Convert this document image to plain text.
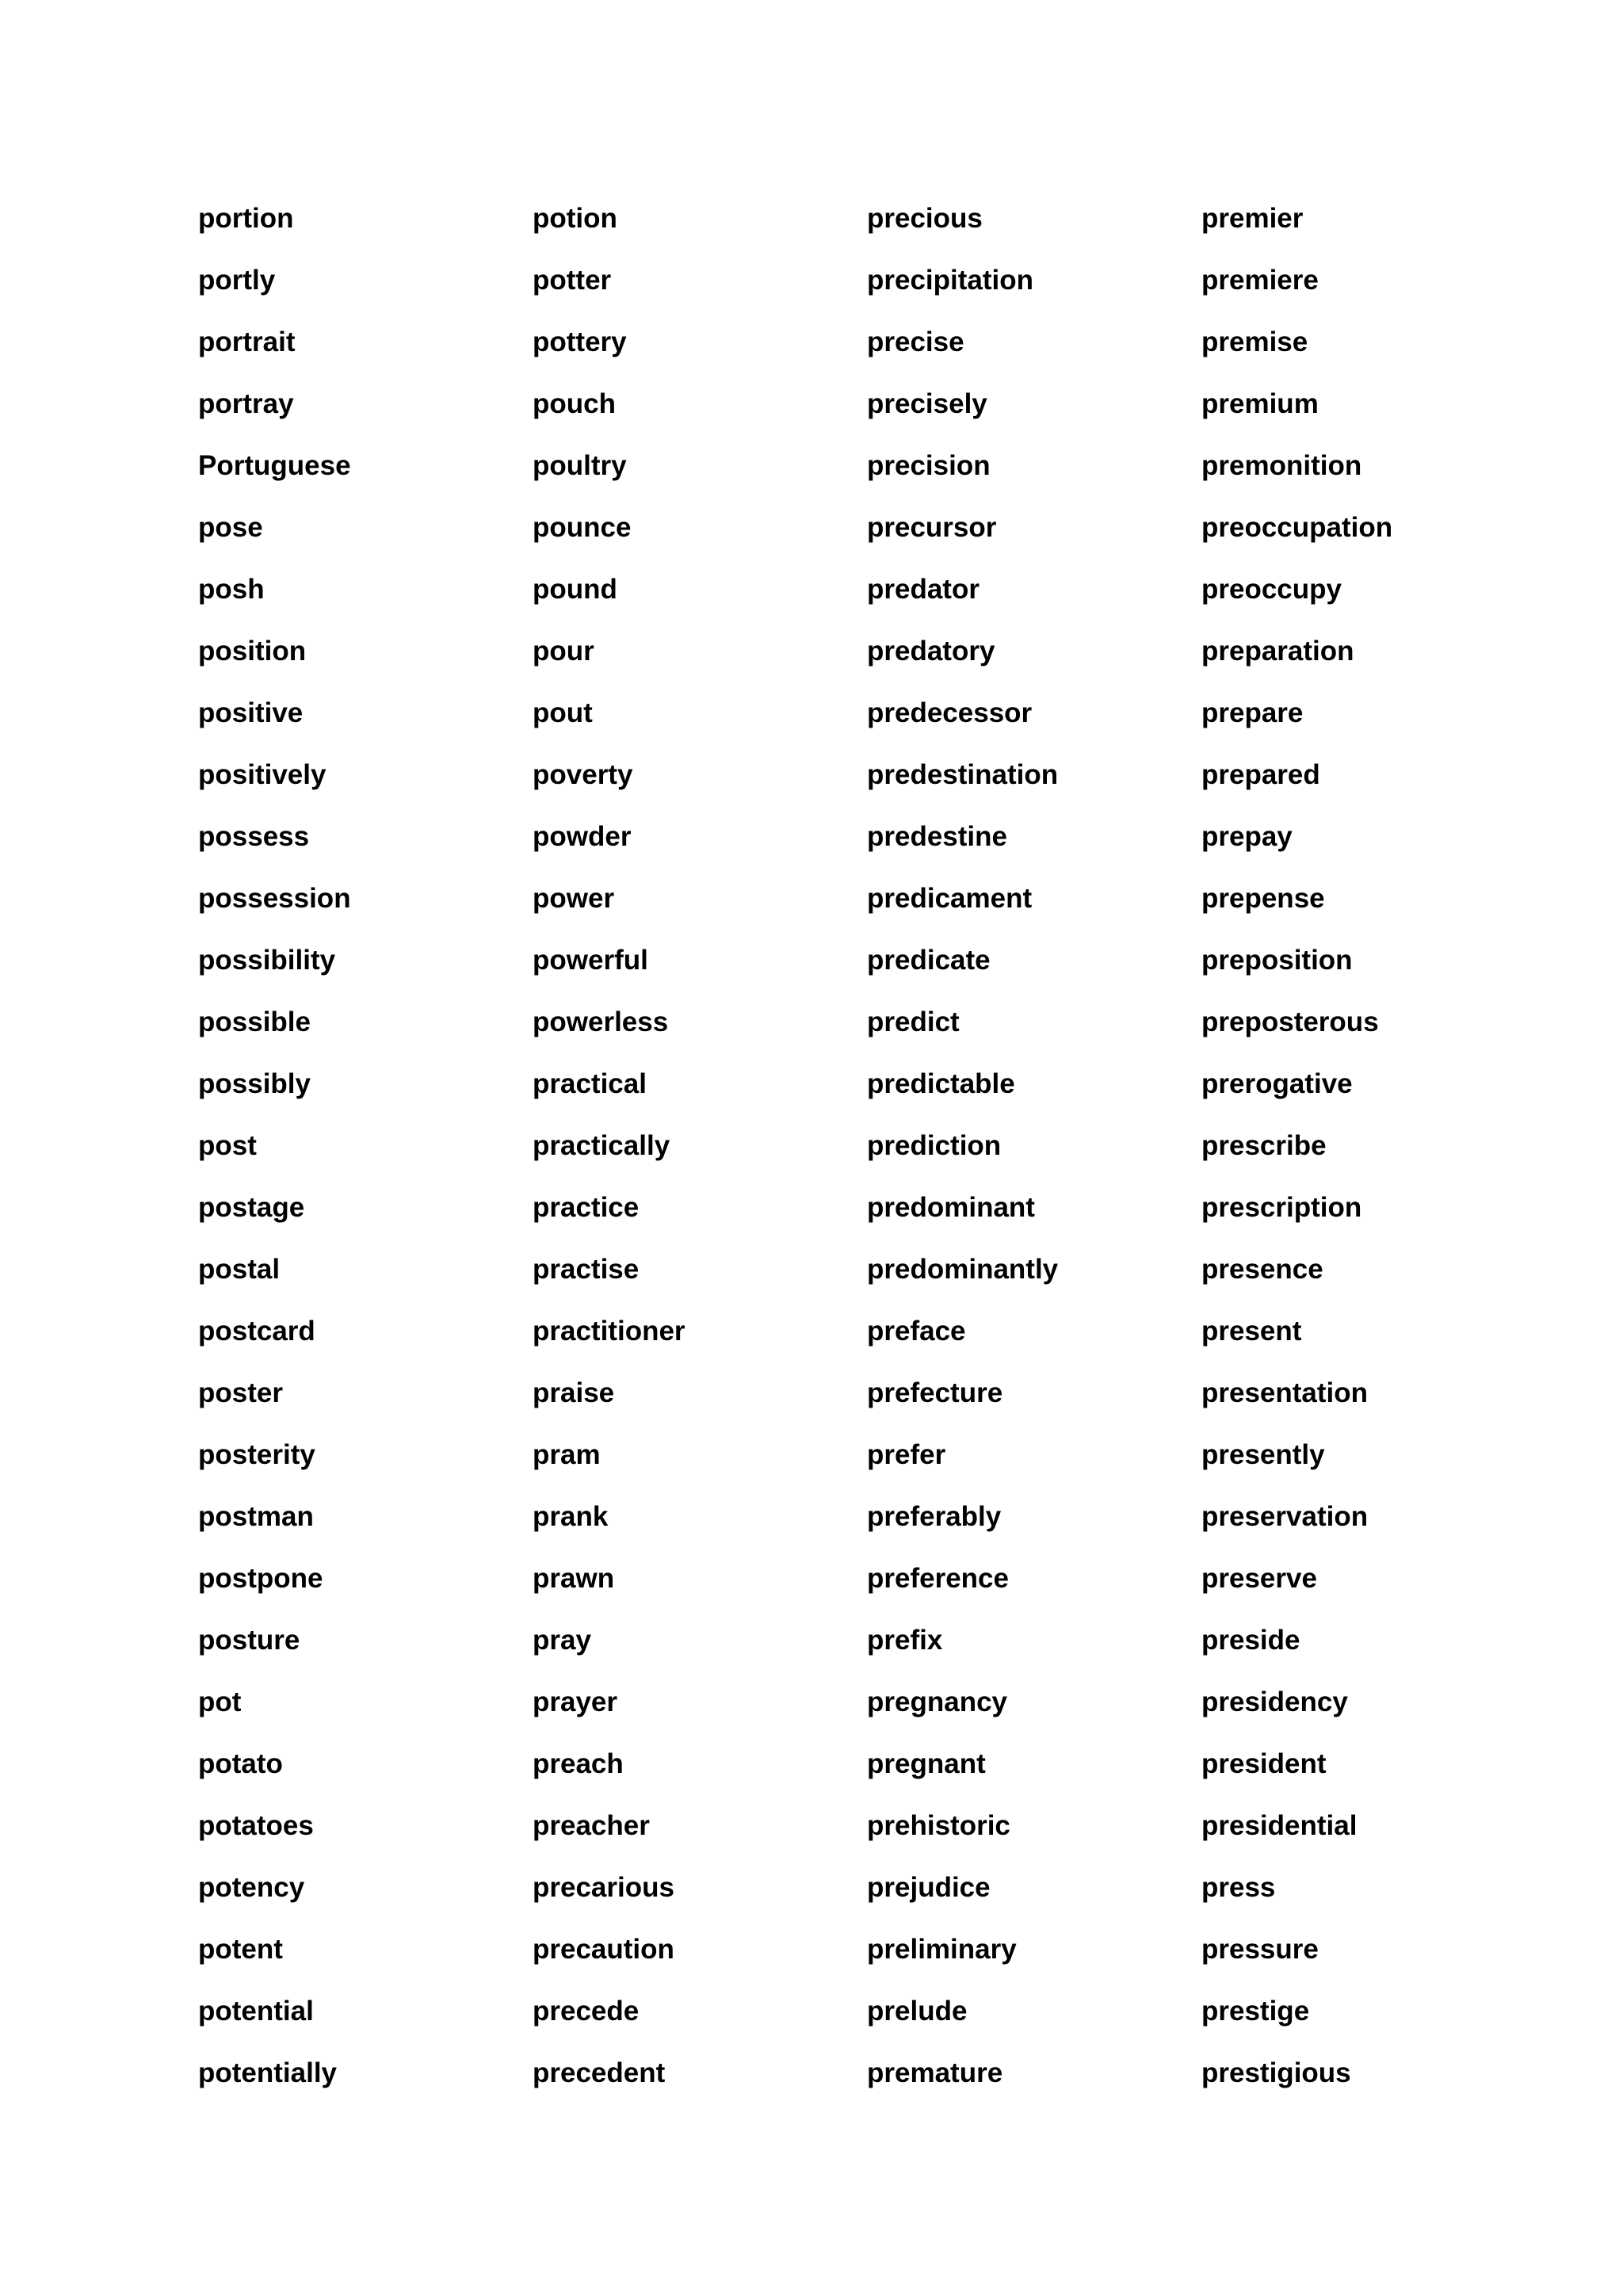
portion	potion	precious	premier
portly	potter	precipitation	premiere
portrait	pottery	precise	premise
portray	pouch	precisely	premium
Portuguese	poultry	precision	premonition
pose	pounce	precursor	preoccupation
posh	pound	predator	preoccupy
position	pour	predatory	preparation
positive	pout	predecessor	prepare
positively	poverty	predestination	prepared
possess	powder	predestine	prepay
possession	power	predicament	prepense
possibility	powerful	predicate	preposition
possible	powerless	predict	preposterous
possibly	practical	predictable	prerogative
post	practically	prediction	prescribe
postage	practice	predominant	prescription
postal	practise	predominantly	presence
postcard	practitioner	preface	present
poster	praise	prefecture	presentation
posterity	pram	prefer	presently
postman	prank	preferably	preservation
postpone	prawn	preference	preserve
posture	pray	prefix	preside
pot	prayer	pregnancy	presidency
potato	preach	pregnant	president
potatoes	preacher	prehistoric	presidential
potency	precarious	prejudice	press
potent	precaution	preliminary	pressure
potential	precede	prelude	prestige
potentially	precedent	premature	prestigious
